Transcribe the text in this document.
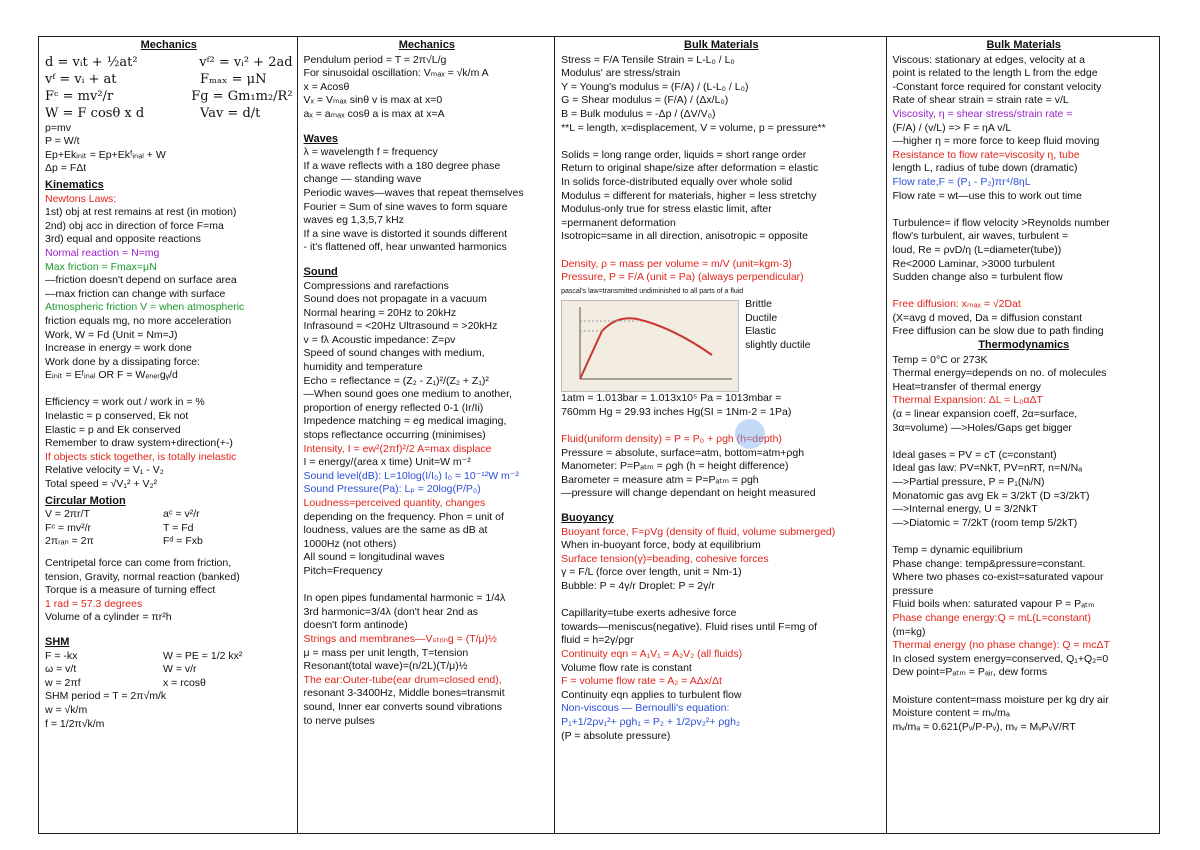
Mechanics
d = vᵢt + ½at²	vᶠ² = vᵢ² + 2ad
vᶠ = vᵢ + at	Fₘₐₓ = μN
Fᶜ = mv²/r	Fɡ = Gm₁m₂/R²
W = F cosθ x d	Vav = d/t
p=mv
P = W/t
Ep+Ekᵢₙᵢₜ = Ep+Ekᶠᵢₙₐₗ + W
Δp = FΔt
Kinematics
Newtons Laws:
1st) obj at rest remains at rest (in motion)
2nd) obj acc in direction of force F=ma
3rd) equal and opposite reactions
Normal reaction = N=mg
Max friction = Fmax=μN
—friction doesn't depend on surface area
—max friction can change with surface
Atmospheric friction V = when atmospheric
friction equals mg, no more acceleration
Work, W = Fd (Unit = Nm=J)
Increase in energy = work done
Work done by a dissipating force:
Eᵢₙᵢₜ = Eᶠᵢₙₐₗ OR F = Wₑₙₑᵣɡᵧ/d

Efficiency = work out / work in = %
Inelastic = p conserved, Ek not
Elastic = p and Ek conserved
Remember to draw system+direction(+-)
If objects stick together, is totally inelastic
Relative velocity = V₁ - V₂
Total speed = √V₁² + V₂²
Circular Motion
V = 2πr/T	aᶜ = v²/r
Fᶜ = mv²/r	T = Fd
2πᵣₐₙ = 2π	Fᵈ = Fxb
Centripetal force can come from friction,
tension, Gravity, normal reaction (banked)
Torque is a measure of turning effect
1 rad = 57.3 degrees
Volume of a cylinder = πr²h
SHM
F = -kx	W = PE = 1/2 kx²
ω = v/t	W = v/r
w = 2πf	x = rcosθ
SHM period = T = 2π√m/k
w = √k/m
f = 1/2π√k/m
Mechanics
Pendulum period = T = 2π√L/g
For sinusoidal oscillation: Vₘₐₓ = √k/m A
x = Acosθ
Vₓ = Vₘₐₓ sinθ v is max at x=0
aₓ = aₘₐₓ cosθ a is max at x=A
Waves
λ = wavelength f = frequency
If a wave reflects with a 180 degree phase
change — standing wave
Periodic waves—waves that repeat themselves
Fourier = Sum of sine waves to form square
waves eg 1,3,5,7 kHz
If a sine wave is distorted it sounds different
- it's flattened off, hear unwanted harmonics
Sound
Compressions and rarefactions
Sound does not propagate in a vacuum
Normal hearing = 20Hz to 20kHz
Infrasound = <20Hz Ultrasound = >20kHz
v = fλ Acoustic impedance: Z=ρv
Speed of sound changes with medium,
humidity and temperature
Echo = reflectance = (Z₂ - Z₁)²/(Z₂ + Z₁)²
—When sound goes one medium to another,
proportion of energy reflected 0-1 (Ir/Ii)
Impedence matching = eg medical imaging,
stops reflectance occurring (minimises)
Intensity, I = ew²(2πf)²/2 A=max displace
I = energy/(area x time) Unit=W m⁻²
Sound level(dB): L=10log(I/I₀) I₀ = 10⁻¹²W m⁻²
Sound Pressure(Pa): Lₚ = 20log(P/P₀)
Loudness=perceived quantity, changes
depending on the frequency. Phon = unit of
loudness, values are the same as dB at
1000Hz (not others)
All sound = longitudinal waves
Pitch=Frequency

In open pipes fundamental harmonic = 1/4λ
3rd harmonic=3/4λ (don't hear 2nd as
doesn't form antinode)
Strings and membranes—Vₛₜᵣᵢₙɡ = (T/μ)½
μ = mass per unit length, T=tension
Resonant(total wave)=(n/2L)(T/μ)½
The ear:Outer-tube(ear drum=closed end),
resonant 3-3400Hz, Middle bones=transmit
sound, Inner ear converts sound vibrations
to nerve pulses
Bulk Materials
Stress = F/A Tensile Strain = L-L₀ / L₀
Modulus' are stress/strain
Y = Young's modulus = (F/A) / (L-L₀ / L₀)
G = Shear modulus = (F/A) / (Δx/L₀)
B = Bulk modulus = -Δp / (ΔV/V₀)
**L = length, x=displacement, V = volume, p = pressure**

Solids = long range order, liquids = short range order
Return to original shape/size after deformation = elastic
In solids force-distributed equally over whole solid
Modulus = different for materials, higher = less stretchy
Modulus-only true for stress elastic limit, after
=permanent deformation
Isotropic=same in all direction, anisotropic = opposite

Density, ρ = mass per volume = m/V (unit=kgm-3)
Pressure, P = F/A (unit = Pa) (always perpendicular)
pascal's law=transmitted undiminished to all parts of a fluid
Brittle
Ductile
Elastic
slightly ductile
1atm = 1.013bar = 1.013x10⁵ Pa = 1013mbar =
760mm Hg = 29.93 inches Hg(SI = 1Nm-2 = 1Pa)

Fluid(uniform density) = P = P₀ + ρgh (h=depth)
Pressure = absolute, surface=atm, bottom=atm+ρgh
Manometer: P=Pₐₜₘ = ρgh (h = height difference)
Barometer = measure atm = P=Pₐₜₘ = ρgh
—pressure will change dependant on height measured
Buoyancy
Buoyant force, F=ρVg (density of fluid, volume submerged)
When in-buoyant force, body at equilibrium
Surface tension(γ)=beading, cohesive forces
γ = F/L (force over length, unit = Nm-1)
Bubble: P = 4γ/r Droplet: P = 2γ/r

Capillarity=tube exerts adhesive force
towards—meniscus(negative). Fluid rises until F=mg of
fluid = h=2γ/ρgr
Continuity eqn = A₁V₁ = A₂V₂ (all fluids)
Volume flow rate is constant
F = volume flow rate = A₂ = AΔx/Δt
Continuity eqn applies to turbulent flow
Non-viscous — Bernoulli's equation:
P₁+1/2ρv₁²+ ρgh₁ = P₂ + 1/2ρv₂²+ ρgh₂
(P = absolute pressure)
Bulk Materials
Viscous: stationary at edges, velocity at a
point is related to the length L from the edge
-Constant force required for constant velocity
Rate of shear strain = strain rate = v/L
Viscosity, η = shear stress/strain rate =
(F/A) / (v/L) => F = ηA v/L
—higher η = more force to keep fluid moving
Resistance to flow rate=viscosity η, tube
length L, radius of tube down (dramatic)
Flow rate,F = (P₁ - P₂)πr⁴/8ηL
Flow rate = wt—use this to work out time

Turbulence= if flow velocity >Reynolds number
flow's turbulent, air waves, turbulent =
loud, Re = ρvD/η (L=diameter(tube))
Re<2000 Laminar, >3000 turbulent
Sudden change also = turbulent flow

Free diffusion: xₘₐₓ = √2Dat
(X=avg d moved, Da = diffusion constant
Free diffusion can be slow due to path finding
Thermodynamics
Temp = 0°C or 273K
Thermal energy=depends on no. of molecules
Heat=transfer of thermal energy
Thermal Expansion: ΔL = L₀αΔT
(α = linear expansion coeff, 2α=surface,
3α=volume) —>Holes/Gaps get bigger

Ideal gases = PV = cT (c=constant)
Ideal gas law: PV=NkT, PV=nRT, n=N/Nₐ
—>Partial pressure, P = P₁(Nᵢ/N)
Monatomic gas avg Ek = 3/2kT (D =3/2kT)
—>Internal energy, U = 3/2NkT
—>Diatomic = 7/2kT (room temp 5/2kT)

Temp = dynamic equilibrium
Phase change: temp&pressure=constant.
Where two phases co-exist=saturated vapour
pressure
Fluid boils when: saturated vapour P = Pₐₜₘ
Phase change energy:Q = mL(L=constant)
(m=kg)
Thermal energy (no phase change): Q = mcΔT
In closed system energy=conserved, Q₁+Q₂=0
Dew point=Pₐₜₘ = Pₐᵢᵣ, dew forms

Moisture content=mass moisture per kg dry air
Moisture content = mᵥ/mₐ
mᵥ/mₐ = 0.621(Pᵥ/P-Pᵥ), mᵥ = MᵥPᵥV/RT
